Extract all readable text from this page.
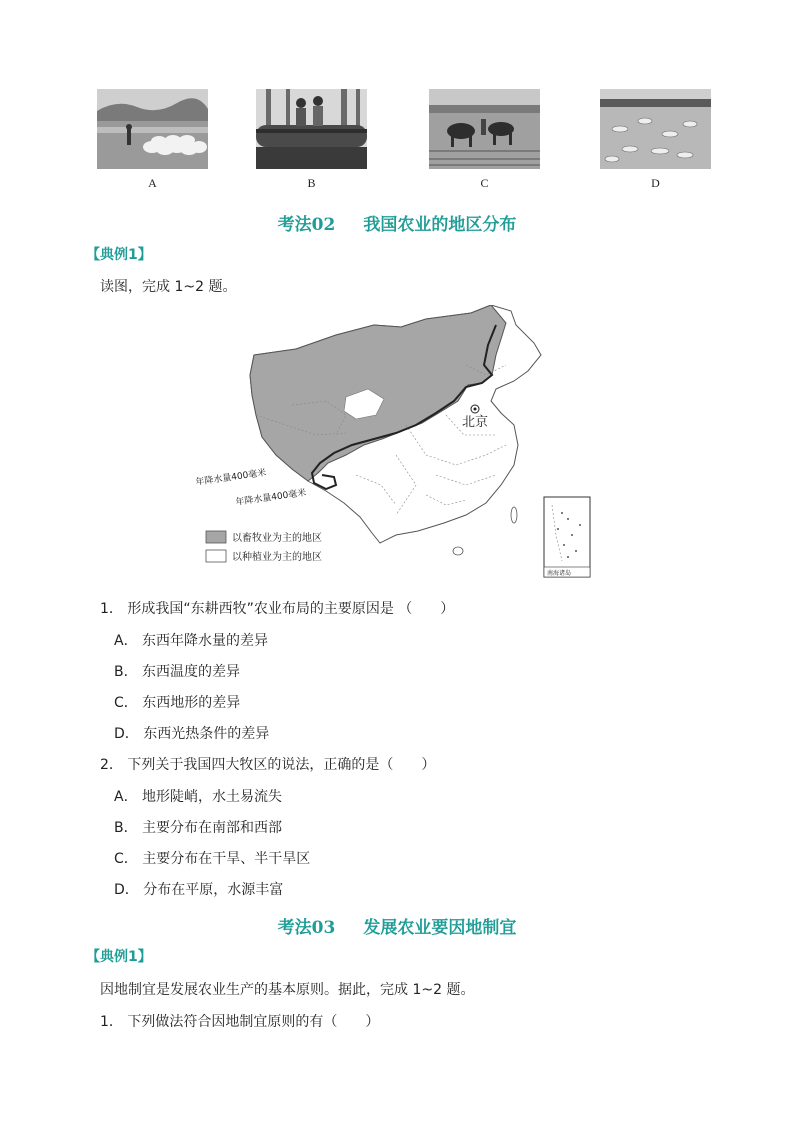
A	B	C	D
考法02 我国农业的地区分布
【典例1】
读图，完成 1~2 题。
北京
年降水量400毫米
年降水量400毫米
以畜牧业为主的地区
以种植业为主的地区
南海诸岛
1． 形成我国“东耕西牧”农业布局的主要原因是 （　　）
A． 东西年降水量的差异
B． 东西温度的差异
C． 东西地形的差异
D． 东西光热条件的差异
2． 下列关于我国四大牧区的说法，正确的是（　　）
A． 地形陡峭，水土易流失
B． 主要分布在南部和西部
C． 主要分布在干旱、半干旱区
D． 分布在平原，水源丰富
考法03 发展农业要因地制宜
【典例1】
因地制宜是发展农业生产的基本原则。据此，完成 1~2 题。
1． 下列做法符合因地制宜原则的有（　　）
